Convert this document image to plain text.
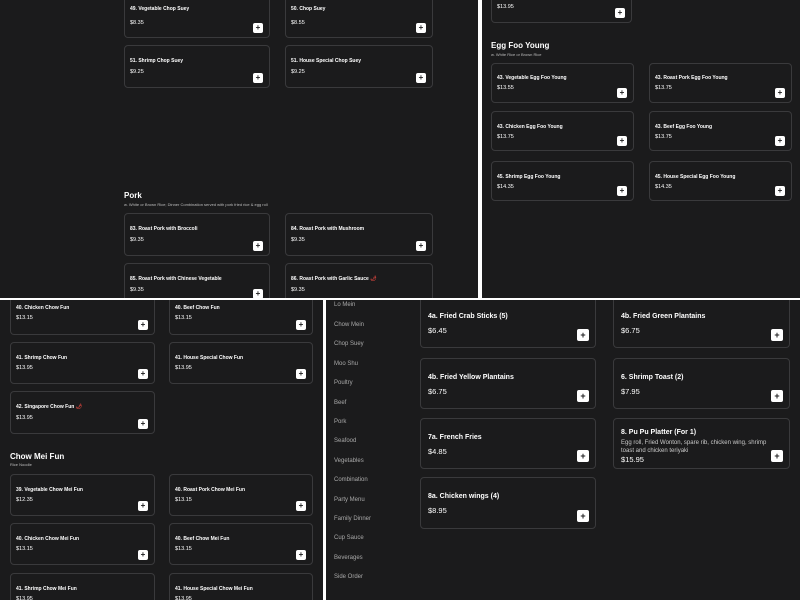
49. Vegetable Chop Suey
$8.35	+
50. Chop Suey
$8.55	+
51. Shrimp Chop Suey
$9.25
+
51. House Special Chop Suey
$9.25
+
Pork
w. White or Brown Rice; Dinner Combination served with pork fried rice & egg roll
83. Roast Pork with Broccoli
$9.35
+
84. Roast Pork with Mushroom
$9.35
+
85. Roast Pork with Chinese Vegetable
$9.35	+
86. Roast Pork with Garlic Sauce 🌶
$9.35
$13.95
+
Egg Foo Young
w. White Rice or Brown Rice
43. Vegetable Egg Foo Young
$13.55	+
43. Roast Pork Egg Foo Young
$13.75	+
43. Chicken Egg Foo Young
$13.75	+
43. Beef Egg Foo Young
$13.75	+
45. Shrimp Egg Foo Young
$14.35	+
45. House Special Egg Foo Young
$14.35	+
40. Chicken Chow Fun
$13.15
+
40. Beef Chow Fun
$13.15
+
41. Shrimp Chow Fun
$13.95
+
41. House Special Chow Fun
$13.95
+
42. Singapore Chow Fun 🌶
$13.95
+
Chow Mei Fun
Rice Noodle
39. Vegetable Chow Mei Fun
$12.35
+
40. Roast Pork Chow Mei Fun
$13.15
+
40. Chicken Chow Mei Fun
$13.15
+
40. Beef Chow Mei Fun
$13.15
+
41. Shrimp Chow Mei Fun
$13.95
41. House Special Chow Mei Fun
$13.95
Lo Mein
Chow Mein
Chop Suey
Moo Shu
Poultry
Beef
Pork
Seafood
Vegetables
Combination
Party Menu
Family Dinner
Cup Sauce
Beverages
Side Order
4a. Fried Crab Sticks (5)
$6.45	+
4b. Fried Green Plantains
$6.75	+
4b. Fried Yellow Plantains
$6.75	+
6. Shrimp Toast (2)
$7.95	+
7a. French Fries
$4.85	+
8. Pu Pu Platter (For 1)
Egg roll, Fried Wonton, spare rib, chicken wing, shrimp toast and chicken teriyaki
$15.95	+
8a. Chicken wings (4)
$8.95
+
